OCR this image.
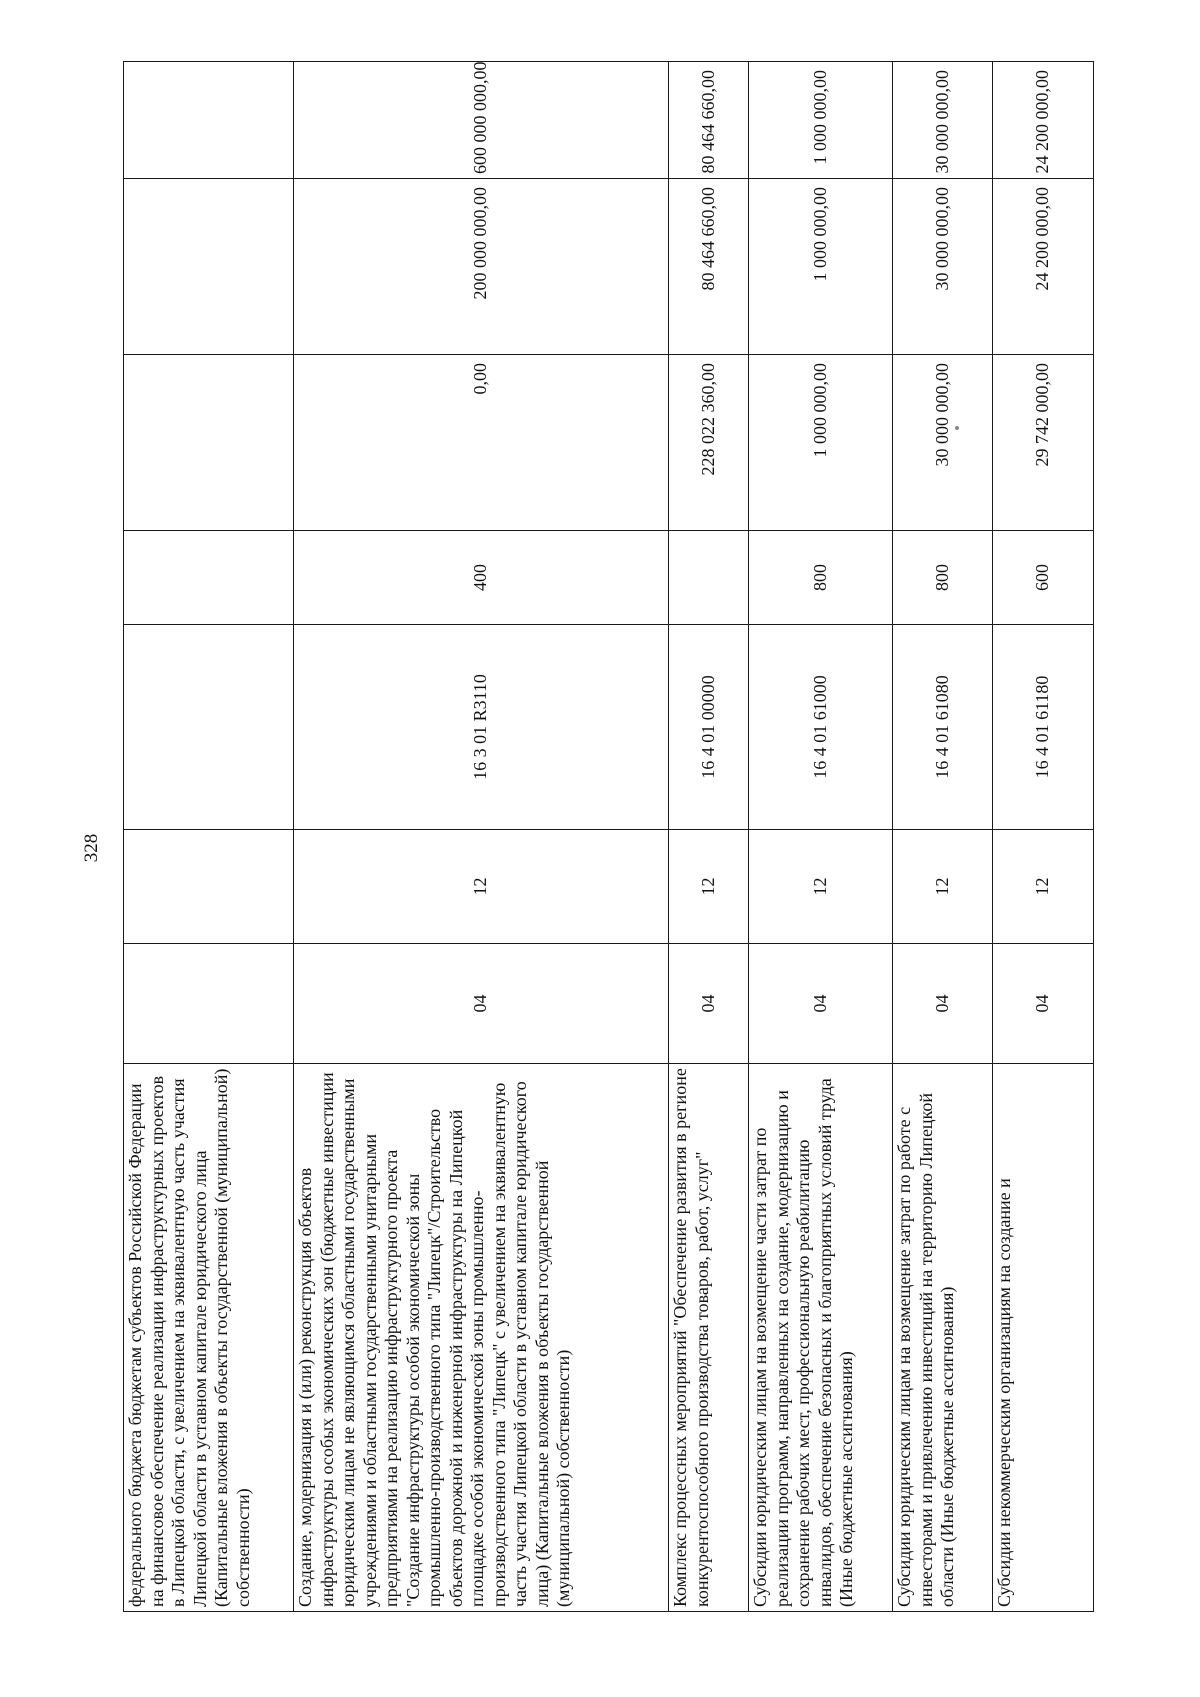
328
федерального бюджета бюджетам субъектов Российской Федерации на финансовое обеспечение реализации инфраструктурных проектов в Липецкой области, с увеличением на эквивалентную часть участия Липецкой области в уставном капитале юридического лица (Капитальные вложения в объекты государственной (муниципальной) собственности)							
Создание, модернизация и (или) реконструкция объектов инфраструктуры особых экономических зон (бюджетные инвестиции юридическим лицам не являющимся областными государственными учреждениями и областными государственными унитарными предприятиями на реализацию инфраструктурного проекта "Создание инфраструктуры особой экономической зоны промышленно-производственного типа "Липецк"/Строительство объектов дорожной и инженерной инфраструктуры на Липецкой площадке особой экономической зоны промышленно-производственного типа "Липецк" с увеличением на эквивалентную часть участия Липецкой области в уставном капитале юридического лица) (Капитальные вложения в объекты государственной (муниципальной) собственности)	04	12	16 3 01 R3110	400	0,00	200 000 000,00	600 000 000,00
Комплекс процессных мероприятий "Обеспечение развития в регионе конкурентоспособного производства товаров, работ, услуг"	04	12	16 4 01 00000		228 022 360,00	80 464 660,00	80 464 660,00
Субсидии юридическим лицам на возмещение части затрат по реализации программ, направленных на создание, модернизацию и сохранение рабочих мест, профессиональную реабилитацию инвалидов, обеспечение безопасных и благоприятных условий труда (Иные бюджетные ассигнования)	04	12	16 4 01 61000	800	1 000 000,00	1 000 000,00	1 000 000,00
Субсидии юридическим лицам на возмещение затрат по работе с инвесторами и привлечению инвестиций на территорию Липецкой области (Иные бюджетные ассигнования)	04	12	16 4 01 61080	800	30 000 000,00	30 000 000,00	30 000 000,00
Субсидии некоммерческим организациям на создание и	04	12	16 4 01 61180	600	29 742 000,00	24 200 000,00	24 200 000,00
